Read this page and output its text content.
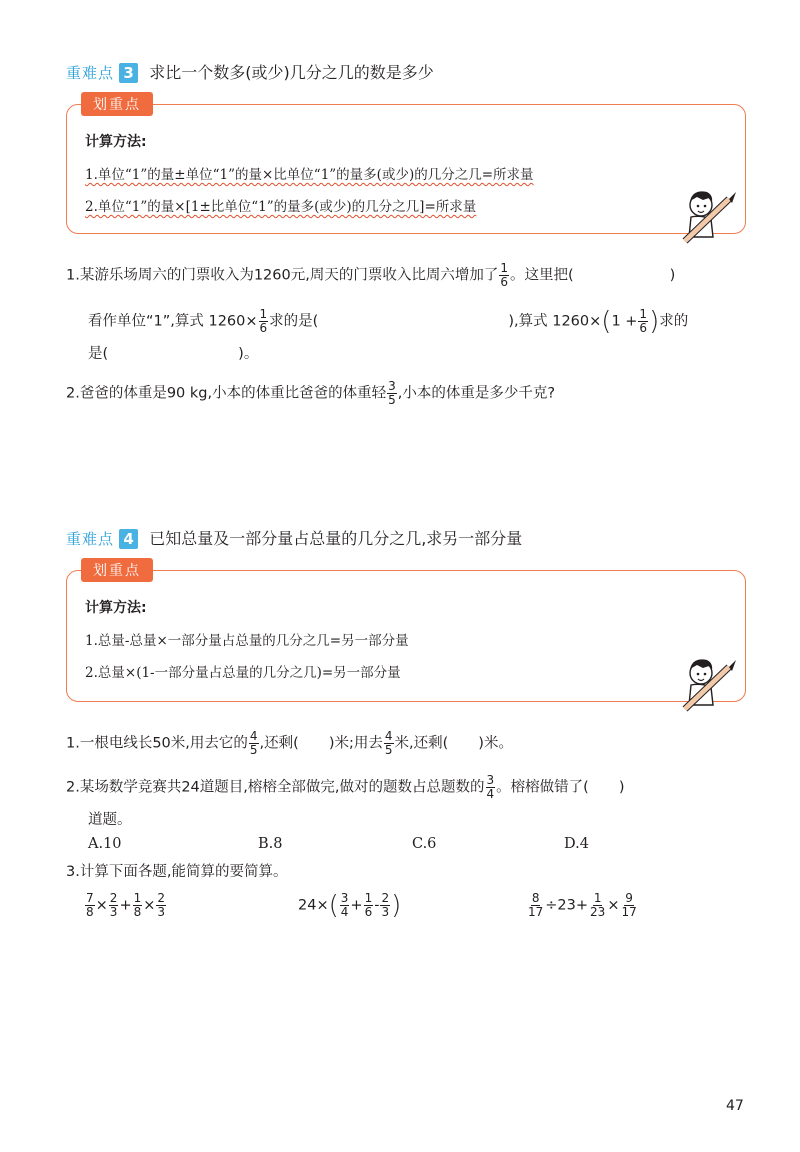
重难点 3 求比一个数多(或少)几分之几的数是多少
计算方法:
1.单位“1”的量±单位“1”的量×比单位“1”的量多(或少)的几分之几=所求量
2.单位“1”的量×[1±比单位“1”的量多(或少)的几分之几]=所求量
划重点
1.某游乐场周六的门票收入为1260元,周天的门票收入比周六增加了 $\frac{1}{6}$ 。这里把(	)
看作单位“1”,算式 $1260\times \frac{1}{6}$ 求的是(	),算式 $1260\times(1 + \frac{1}{6}$ )求的
是(	)。
2.爸爸的体重是90 kg,小本的体重比爸爸的体重轻 $\frac{3}{5}$ ,小本的体重是多少千克?
重难点 4 已知总量及一部分量占总量的几分之几,求另一部分量
计算方法:
1.总量-总量×一部分量占总量的几分之几=另一部分量
2.总量×(1-一部分量占总量的几分之几)=另一部分量
划重点
1.一根电线长50米,用去它的 $\frac{4}{5}$ ,还剩( )米;用去 $\frac{4}{5}$ 米,还剩( )米。
2.某场数学竞赛共24道题目,榕榕全部做完,做对的题数占总题数的 $\frac{3}{4}$ 。榕榕做错了( )
道题。
A.10	B.8	C.6	D.4
3.计算下面各题,能简算的要简算。
$\frac{7}{8} \times \frac{2}{3} + \frac{1}{8} \times \frac{2}{3}$	$24\times( \frac{3}{4} + \frac{1}{6} - \frac{2}{3}$ )	$\frac{8}{17} \div 23+ \frac{1}{23} \times \frac{9}{17}$
47
